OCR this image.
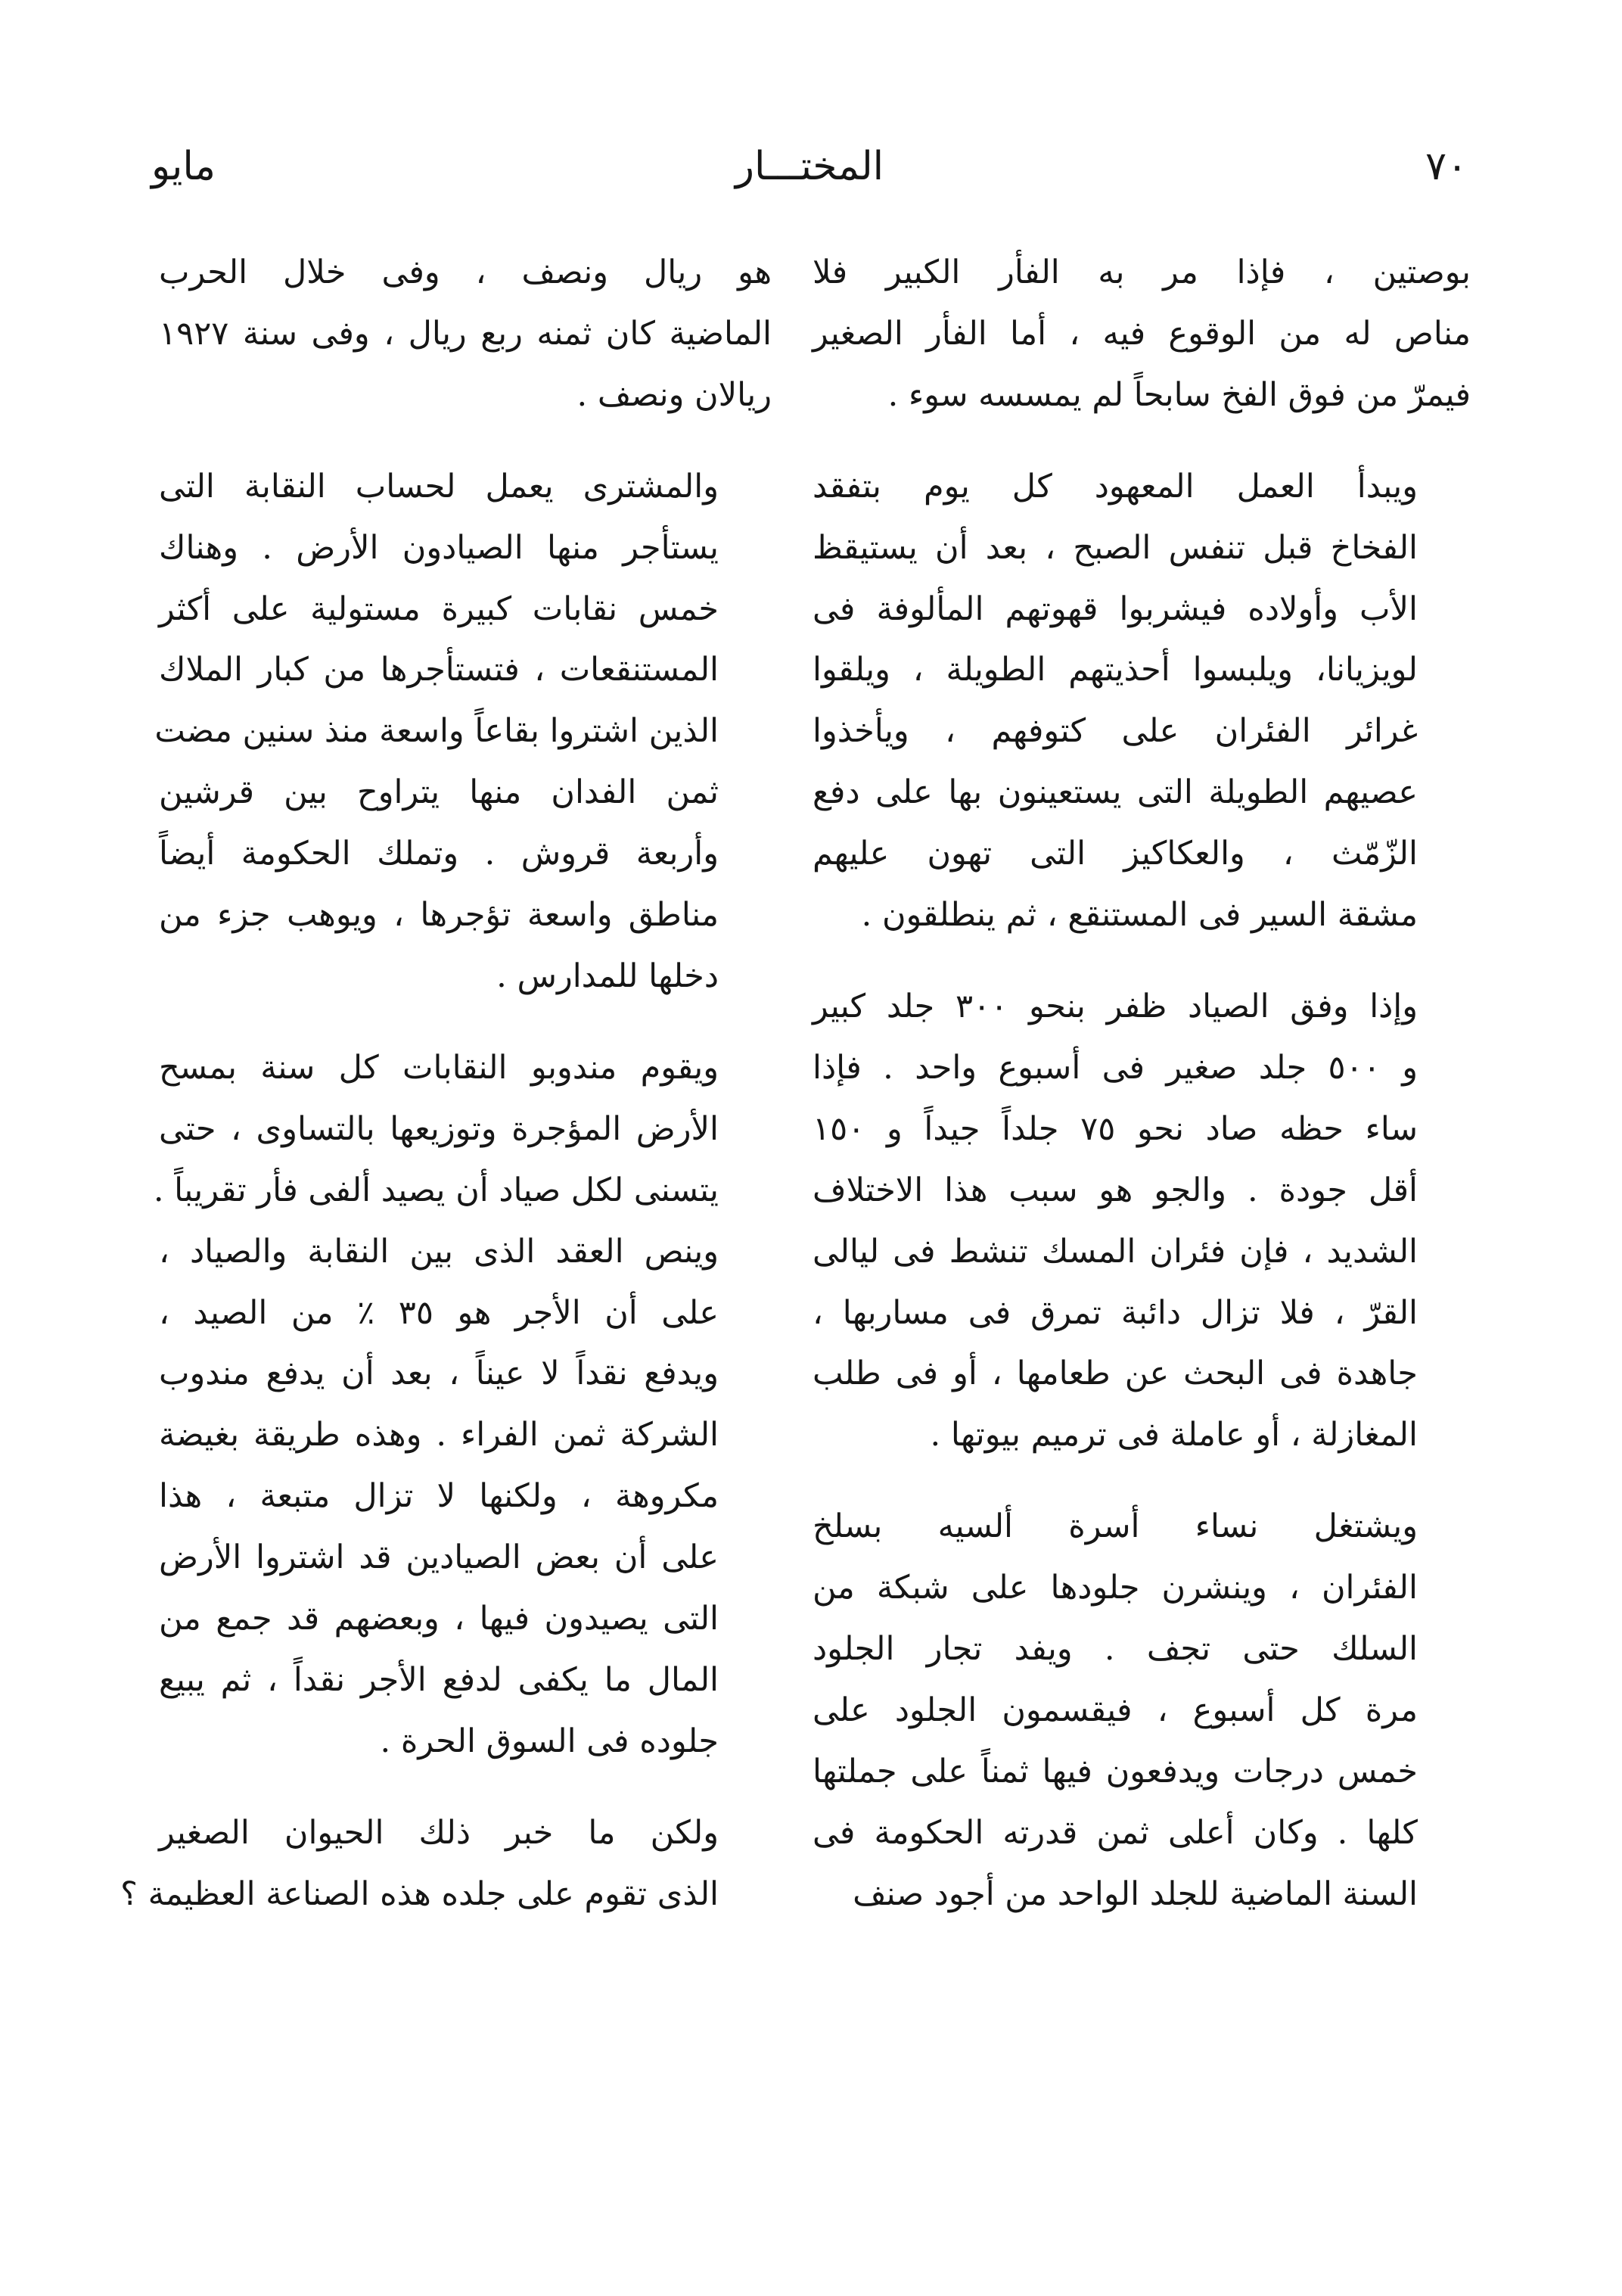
٧٠
المختـــار
مايو
بوصتين ، فإذا مر به الفأر الكبير فلا
مناص له من الوقوع فيه ، أما الفأر الصغير
فيمرّ من فوق الفخ سابحاً لم يمسسه سوء .
ويبدأ العمل المعهود كل يوم بتفقد
الفخاخ قبل تنفس الصبح ، بعد أن يستيقظ
الأب وأولاده فيشربوا قهوتهم المألوفة فى
لويزيانا، ويلبسوا أحذيتهم الطويلة ، ويلقوا
غرائر الفئران على كتوفهم ، ويأخذوا
عصيهم الطويلة التى يستعينون بها على دفع
الزّمّث ، والعكاكيز التى تهون عليهم
مشقة السير فى المستنقع ، ثم ينطلقون .
وإذا وفق الصياد ظفر بنحو ٣٠٠ جلد كبير
و ٥٠٠ جلد صغير فى أسبوع واحد . فإذا
ساء حظه صاد نحو ٧٥ جلداً جيداً و ١٥٠
أقل جودة . والجو هو سبب هذا الاختلاف
الشديد ، فإن فئران المسك تنشط فى ليالى
القرّ ، فلا تزال دائبة تمرق فى مساربها ،
جاهدة فى البحث عن طعامها ، أو فى طلب
المغازلة ، أو عاملة فى ترميم بيوتها .
ويشتغل نساء أسرة ألسيه بسلخ
الفئران ، وينشرن جلودها على شبكة من
السلك حتى تجف . ويفد تجار الجلود
مرة كل أسبوع ، فيقسمون الجلود على
خمس درجات ويدفعون فيها ثمناً على جملتها
كلها . وكان أعلى ثمن قدرته الحكومة فى
السنة الماضية للجلد الواحد من أجود صنف
هو ريال ونصف ، وفى خلال الحرب
الماضية كان ثمنه ربع ريال ، وفى سنة ١٩٢٧
ريالان ونصف .
والمشترى يعمل لحساب النقابة التى
يستأجر منها الصيادون الأرض . وهناك
خمس نقابات كبيرة مستولية على أكثر
المستنقعات ، فتستأجرها من كبار الملاك
الذين اشتروا بقاعاً واسعة منذ سنين مضت
ثمن الفدان منها يتراوح بين قرشين
وأربعة قروش . وتملك الحكومة أيضاً
مناطق واسعة تؤجرها ، ويوهب جزء من
دخلها للمدارس .
ويقوم مندوبو النقابات كل سنة بمسح
الأرض المؤجرة وتوزيعها بالتساوى ، حتى
يتسنى لكل صياد أن يصيد ألفى فأر تقريباً .
وينص العقد الذى بين النقابة والصياد ،
على أن الأجر هو ٣٥ ٪ من الصيد ،
ويدفع نقداً لا عيناً ، بعد أن يدفع مندوب
الشركة ثمن الفراء . وهذه طريقة بغيضة
مكروهة ، ولكنها لا تزال متبعة ، هذا
على أن بعض الصيادين قد اشتروا الأرض
التى يصيدون فيها ، وبعضهم قد جمع من
المال ما يكفى لدفع الأجر نقداً ، ثم يبيع
جلوده فى السوق الحرة .
ولكن ما خبر ذلك الحيوان الصغير
الذى تقوم على جلده هذه الصناعة العظيمة ؟
